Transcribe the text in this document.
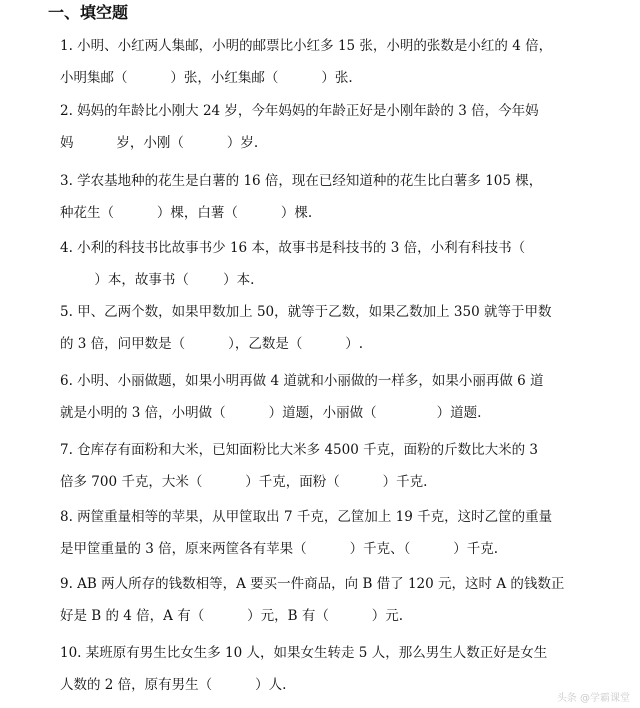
一、填空题
1. 小明、小红两人集邮，小明的邮票比小红多 15 张，小明的张数是小红的 4 倍，
小明集邮（          ）张，小红集邮（          ）张.
2. 妈妈的年龄比小刚大 24 岁，今年妈妈的年龄正好是小刚年龄的 3 倍，今年妈
妈          岁，小刚（          ）岁.
3. 学农基地种的花生是白薯的 16 倍，现在已经知道种的花生比白薯多 105 棵，
种花生（          ）棵，白薯（          ）棵.
4. 小利的科技书比故事书少 16 本，故事书是科技书的 3 倍，小利有科技书（
）本，故事书（        ）本.
5. 甲、乙两个数，如果甲数加上 50，就等于乙数，如果乙数加上 350 就等于甲数
的 3 倍，问甲数是（          ），乙数是（          ）.
6. 小明、小丽做题，如果小明再做 4 道就和小丽做的一样多，如果小丽再做 6 道
就是小明的 3 倍，小明做（          ）道题，小丽做（              ）道题.
7. 仓库存有面粉和大米，已知面粉比大米多 4500 千克，面粉的斤数比大米的 3
倍多 700 千克，大米（          ）千克，面粉（          ）千克.
8. 两筐重量相等的苹果，从甲筐取出 7 千克，乙筐加上 19 千克，这时乙筐的重量
是甲筐重量的 3 倍，原来两筐各有苹果（          ）千克、（          ）千克.
9. AB 两人所存的钱数相等，A 要买一件商品，向 B 借了 120 元，这时 A 的钱数正
好是 B 的 4 倍，A 有（          ）元，B 有（          ）元.
10. 某班原有男生比女生多 10 人，如果女生转走 5 人，那么男生人数正好是女生
人数的 2 倍，原有男生（          ）人.
头条 @学霸课堂
